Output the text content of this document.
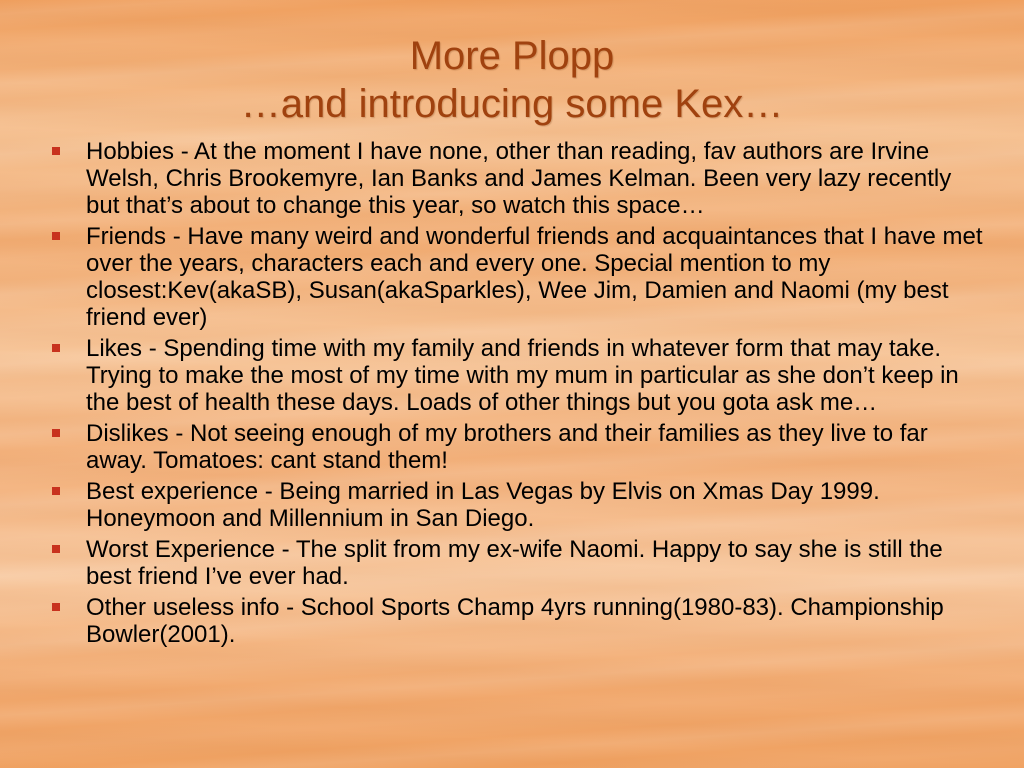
More Plopp
…and introducing some Kex…
Hobbies - At the moment I have none, other than reading, fav authors are Irvine Welsh, Chris Brookemyre, Ian Banks and James Kelman. Been very lazy recently but that’s about to change this year, so watch this space…
Friends - Have many weird and wonderful friends and acquaintances that I have met over the years, characters each and every one. Special mention to my closest:Kev(akaSB), Susan(akaSparkles), Wee Jim, Damien and Naomi (my best friend ever)
Likes - Spending time with my family and friends in whatever form that may take. Trying to make the most of my time with my mum in particular as she don’t keep in the best of health these days. Loads of other things but you gota ask me…
Dislikes - Not seeing enough of my brothers and their families as they live to far away. Tomatoes: cant stand them!
Best experience - Being married in Las Vegas by Elvis on Xmas Day 1999. Honeymoon and Millennium in San Diego.
Worst Experience - The split from my ex-wife Naomi. Happy to say she is still the best friend I’ve ever had.
Other useless info - School Sports Champ 4yrs running(1980-83). Championship Bowler(2001).
